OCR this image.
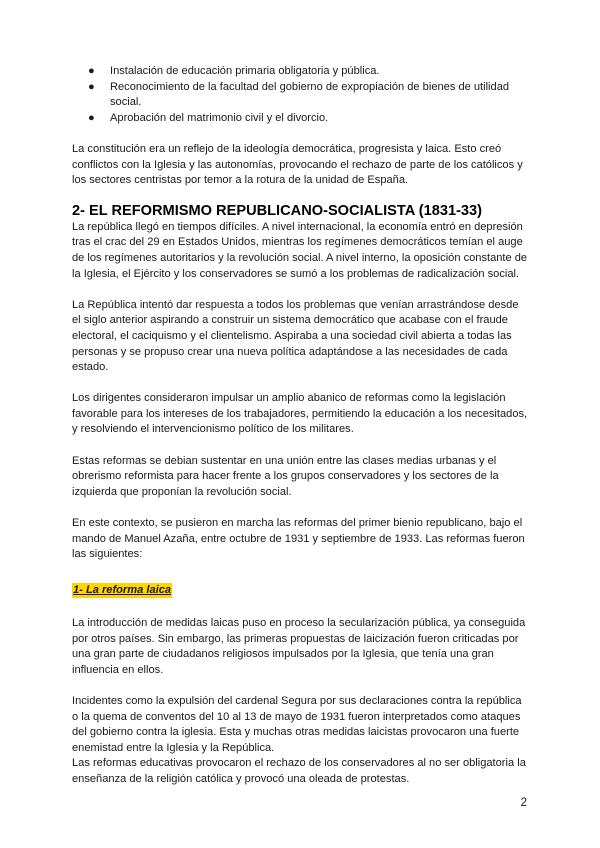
● Instalación de educación primaria obligatoria y pública.
● Reconocimiento de la facultad del gobierno de expropiación de bienes de utilidad social.
● Aprobación del matrimonio civil y el divorcio.

La constitución era un reflejo de la ideología democrática, progresista y laica. Esto creó conflictos con la Iglesia y las autonomías, provocando el rechazo de parte de los católicos y los sectores centristas por temor a la rotura de la unidad de España.

2- EL REFORMISMO REPUBLICANO-SOCIALISTA (1831-33)

La república llegó en tiempos difíciles. A nivel internacional, la economía entró en depresión tras el crac del 29 en Estados Unidos, mientras los regímenes democráticos temían el auge de los regímenes autoritarios y la revolución social. A nivel interno, la oposición constante de la Iglesia, el Ejército y los conservadores se sumó a los problemas de radicalización social.

La República intentó dar respuesta a todos los problemas que venían arrastrándose desde el siglo anterior aspirando a construir un sistema democrático que acabase con el fraude electoral, el caciquismo y el clientelismo. Aspiraba a una sociedad civil abierta a todas las personas y se propuso crear una nueva política adaptándose a las necesidades de cada estado.

Los dirigentes consideraron impulsar un amplio abanico de reformas como la legislación favorable para los intereses de los trabajadores, permitiendo la educación a los necesitados, y resolviendo el intervencionismo político de los militares.

Estas reformas se debian sustentar en una unión entre las clases medias urbanas y el obrerismo reformista para hacer frente a los grupos conservadores y los sectores de la izquierda que proponían la revolución social.

En este contexto, se pusieron en marcha las reformas del primer bienio republicano, bajo el mando de Manuel Azaña, entre octubre de 1931 y septiembre de 1933. Las reformas fueron las siguientes:

1- La reforma laica

La introducción de medidas laicas puso en proceso la secularización pública, ya conseguida por otros países. Sin embargo, las primeras propuestas de laicización fueron criticadas por una gran parte de ciudadanos religiosos impulsados por la Iglesia, que tenía una gran influencia en ellos.

Incidentes como la expulsión del cardenal Segura por sus declaraciones contra la república o la quema de conventos del 10 al 13 de mayo de 1931 fueron interpretados como ataques del gobierno contra la iglesia. Esta y muchas otras medidas laicistas provocaron una fuerte enemistad entre la Iglesia y la República.

Las reformas educativas provocaron el rechazo de los conservadores al no ser obligatoria la enseñanza de la religión católica y provocó una oleada de protestas.

2
